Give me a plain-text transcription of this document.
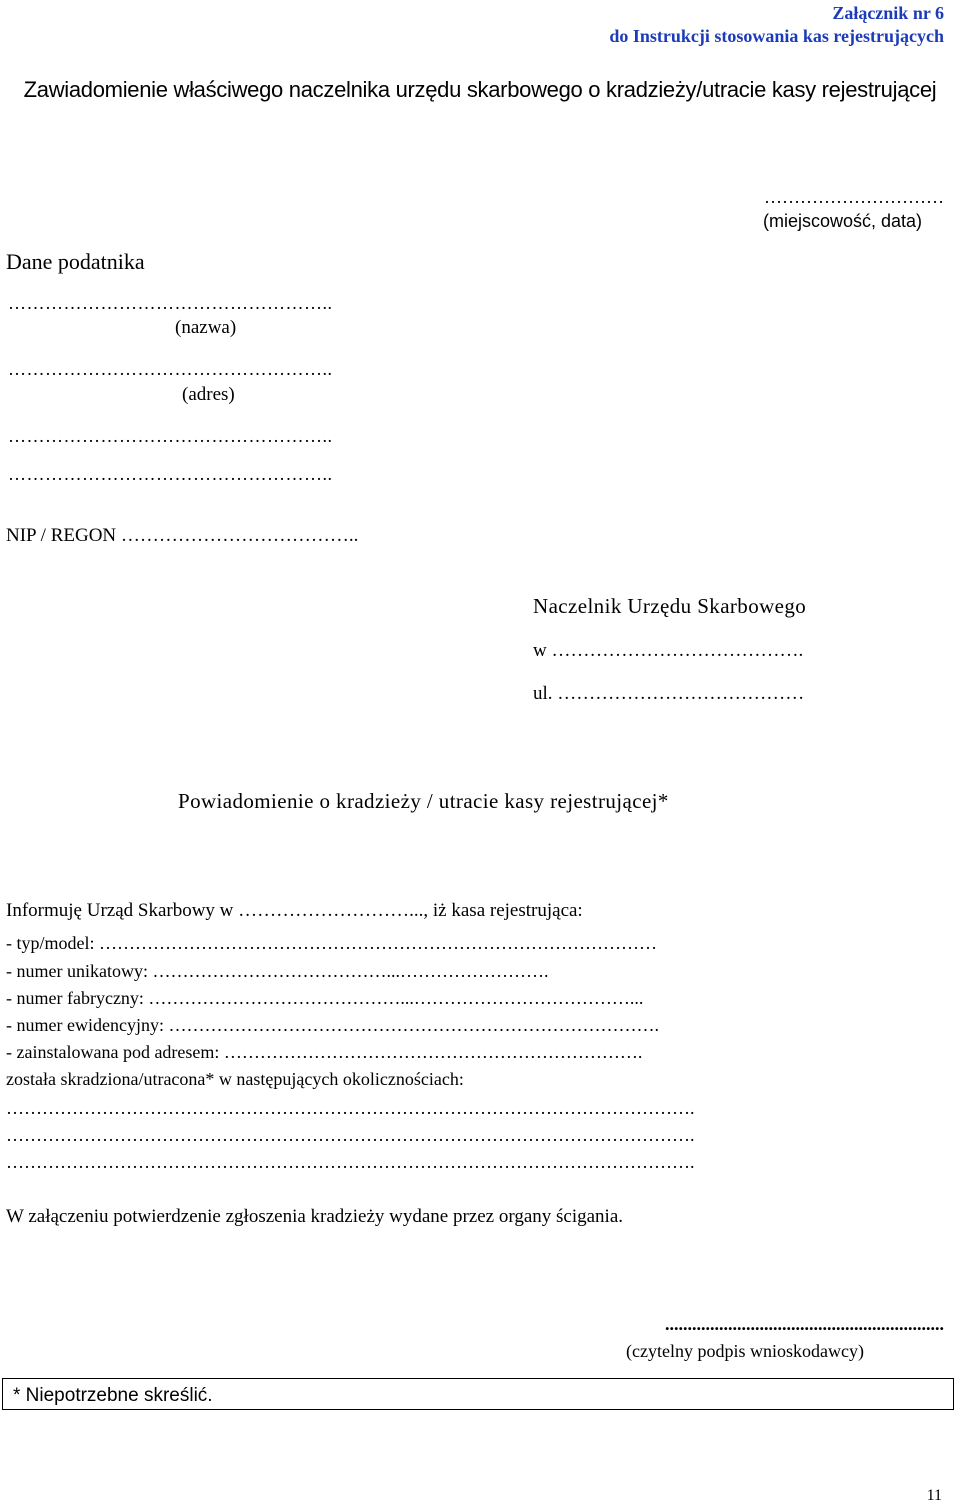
Załącznik nr 6
do Instrukcji stosowania kas rejestrujących
Zawiadomienie właściwego naczelnika urzędu skarbowego o kradzieży/utracie kasy rejestrującej
…………………………
(miejscowość, data)
Dane podatnika
……………………………………………..
(nazwa)
……………………………………………..
(adres)
……………………………………………..
……………………………………………..
NIP / REGON ………………………………..
Naczelnik Urzędu Skarbowego
w ………………………………….
ul. …………………………………
Powiadomienie o kradzieży / utracie kasy rejestrującej*
Informuję Urząd Skarbowy w ………………………..., iż kasa rejestrująca:
- typ/model: …………………………………………………………………………………
- numer unikatowy: …………………………………...…………………….
- numer fabryczny: ……………………………………...………………………………...
- numer ewidencyjny: ……………………………………………………………………….
- zainstalowana pod adresem: …………………………………………………………….
została skradziona/utracona* w następujących okolicznościach:
…………………………………………………………………………………………………….
…………………………………………………………………………………………………….
…………………………………………………………………………………………………….
W załączeniu potwierdzenie zgłoszenia kradzieży wydane przez organy ścigania.
..............................................................
(czytelny podpis wnioskodawcy)
* Niepotrzebne skreślić.
11
